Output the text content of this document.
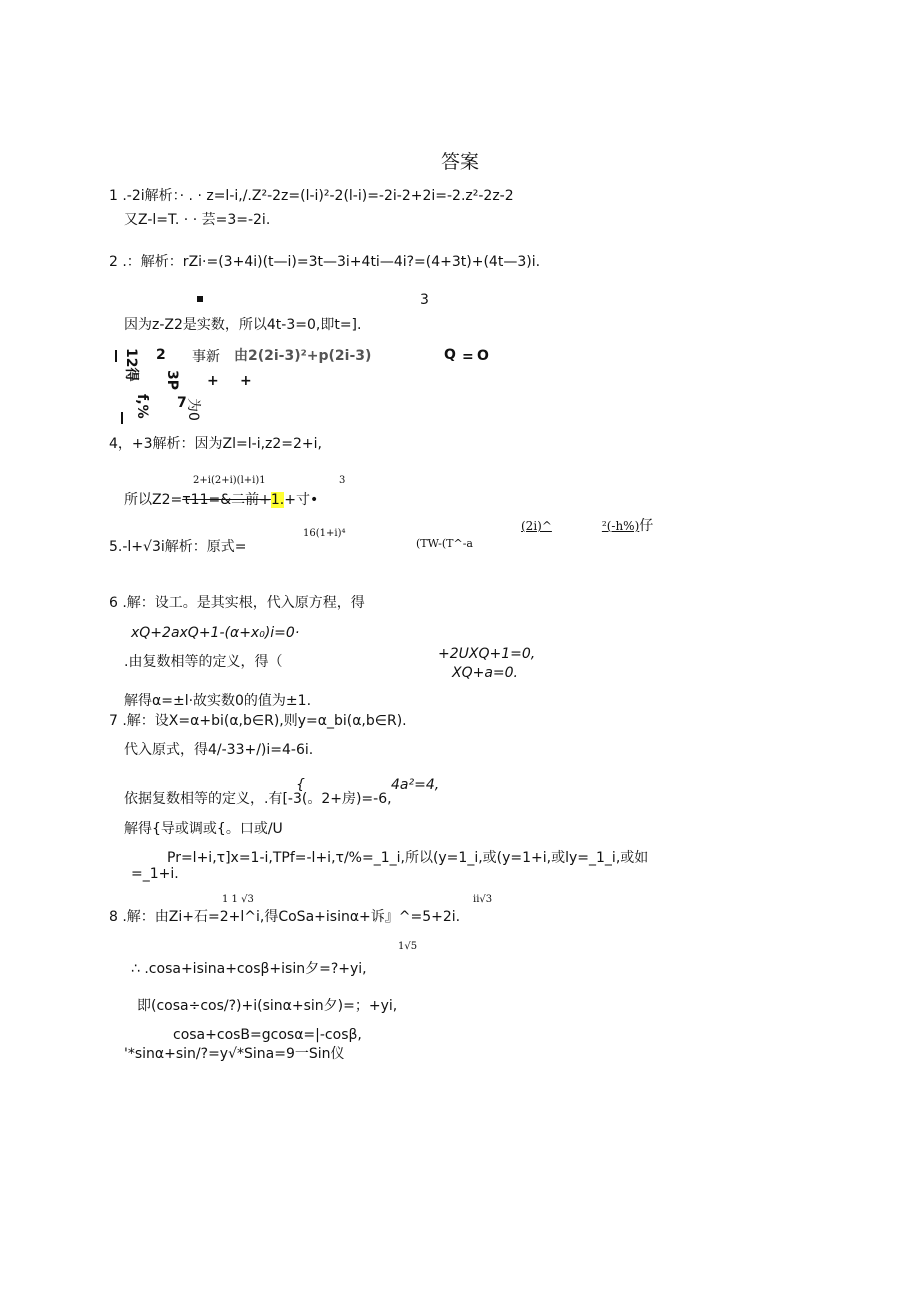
答案
1 .-2i解析：· . · z=l-i,/.Z²-2z=(l-i)²-2(l-i)=-2i-2+2i=-2.z²-2z-2
又Z-l=T. · · 芸=3=-2i.
2 .：解析：rZi·=(3+4i)(t—i)=3t—3i+4ti—4i?=(4+3t)+(4t—3)i.
3
因为z-Z2是实数，所以4t-3=0,即t=].
12得 2
3P
7
f,%
事新 由2(2i-3)²+p(2i-3)	Q = O
+ +
为0
4，+3解析：因为Zl=l-i,z2=2+i,
2+i(2+i)(l+i)1	3
所以Z2=τ11=&二前+1.+寸•
16(1+i)⁴
(2i)^	²(-h%)仔
5.-l+√3i解析：原式=	(TW-(T^-a
6 .解：设工。是其实根，代入原方程，得
xQ+2axQ+1-(α+x₀)i=0·
.由复数相等的定义，得（	+2UXQ+1=0,
XQ+a=0.
解得α=±l·故实数0的值为±1.
7 .解：设X=α+bi(α,b∈R),则y=α_bi(α,b∈R).
代入原式，得4/-33+/)i=4-6i.
{	4a²=4,
依据复数相等的定义，.有[-3(。2+房)=-6,
解得{导或调或{。口或/U
Pr=l+i,τ]x=1-i,TPf=-l+i,τ/%=_1_i,所以(y=1_i,或(y=1+i,或ly=_1_i,或如
=_1+i.
1 1 √3	ii√3
8 .解：由Zi+石=2+l^i,得CoSa+isinα+诉』^=5+2i.
1√5
∴ .cosa+isina+cosβ+isin夕=?+yi,
即(cosa÷cos/?)+i(sinα+sin夕)=；+yi,
cosa+cosB=gcosα=|-cosβ,
'*sinα+sin/?=y√*Sina=9一Sin仪
